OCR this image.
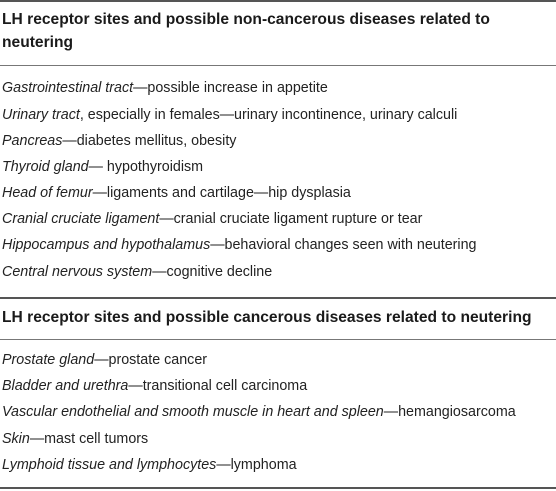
LH receptor sites and possible non-cancerous diseases related to neutering
Gastrointestinal tract—possible increase in appetite
Urinary tract, especially in females—urinary incontinence, urinary calculi
Pancreas—diabetes mellitus, obesity
Thyroid gland— hypothyroidism
Head of femur—ligaments and cartilage—hip dysplasia
Cranial cruciate ligament—cranial cruciate ligament rupture or tear
Hippocampus and hypothalamus—behavioral changes seen with neutering
Central nervous system—cognitive decline
LH receptor sites and possible cancerous diseases related to neutering
Prostate gland—prostate cancer
Bladder and urethra—transitional cell carcinoma
Vascular endothelial and smooth muscle in heart and spleen—hemangiosarcoma
Skin—mast cell tumors
Lymphoid tissue and lymphocytes—lymphoma
